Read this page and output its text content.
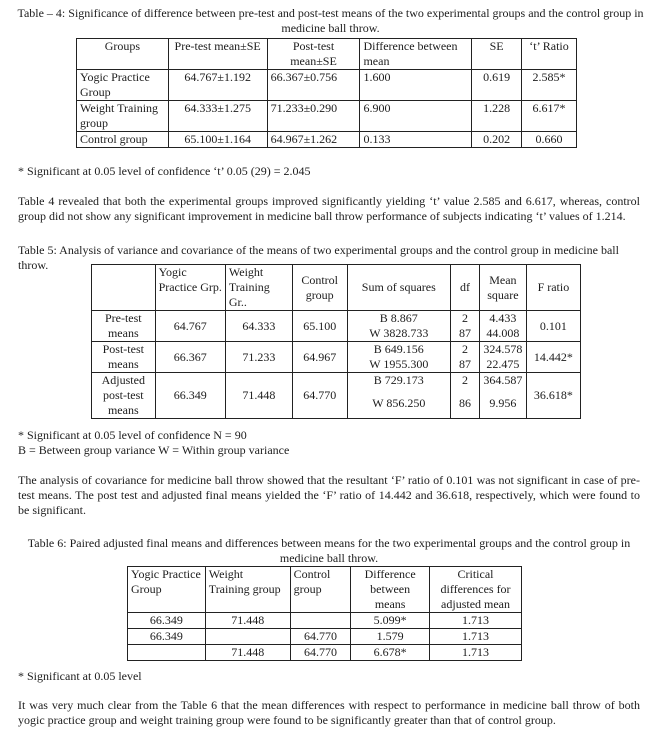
Table – 4: Significance of difference between pre-test and post-test means of the two experimental groups and the control group in medicine ball throw.
Groups	Pre-test mean±SE	Post-test mean±SE	Difference between mean	SE	‘t’ Ratio
Yogic Practice Group	64.767±1.192	66.367±0.756	1.600	0.619	2.585*
Weight Training group	64.333±1.275	71.233±0.290	6.900	1.228	6.617*
Control group	65.100±1.164	64.967±1.262	0.133	0.202	0.660
* Significant at 0.05 level of confidence ‘t’ 0.05 (29) = 2.045
Table 4 revealed that both the experimental groups improved significantly yielding ‘t’ value 2.585 and 6.617, whereas, control group did not show any significant improvement in medicine ball throw performance of subjects indicating ‘t’ values of 1.214.
Table 5: Analysis of variance and covariance of the means of two experimental groups and the control group in medicine ball throw.
		Yogic Practice Grp.	Weight Training Gr..	Control group	Sum of squares	df	Mean square	F ratio
Pre-test means	64.767	64.333	65.100	B 8.867	2	4.433	0.101
				W 3828.733	87	44.008	
Post-test means	66.367	71.233	64.967	B 649.156	2	324.578	14.442*
				W 1955.300	87	22.475	
Adjusted post-test means	66.349	71.448	64.770	B 729.173	2	364.587	36.618*
				W 856.250	86	9.956	
* Significant at 0.05 level of confidence N = 90
B = Between group variance W = Within group variance
The analysis of covariance for medicine ball throw showed that the resultant ‘F’ ratio of 0.101 was not significant in case of pre-test means. The post test and adjusted final means yielded the ‘F’ ratio of 14.442 and 36.618, respectively, which were found to be significant.
Table 6: Paired adjusted final means and differences between means for the two experimental groups and the control group in medicine ball throw.
Yogic Practice Group	Weight Training group	Control group	Difference between means	Critical differences for adjusted mean
66.349	71.448		5.099*	1.713
66.349		64.770	1.579	1.713
	71.448	64.770	6.678*	1.713
* Significant at 0.05 level
It was very much clear from the Table 6 that the mean differences with respect to performance in medicine ball throw of both yogic practice group and weight training group were found to be significantly greater than that of control group.
